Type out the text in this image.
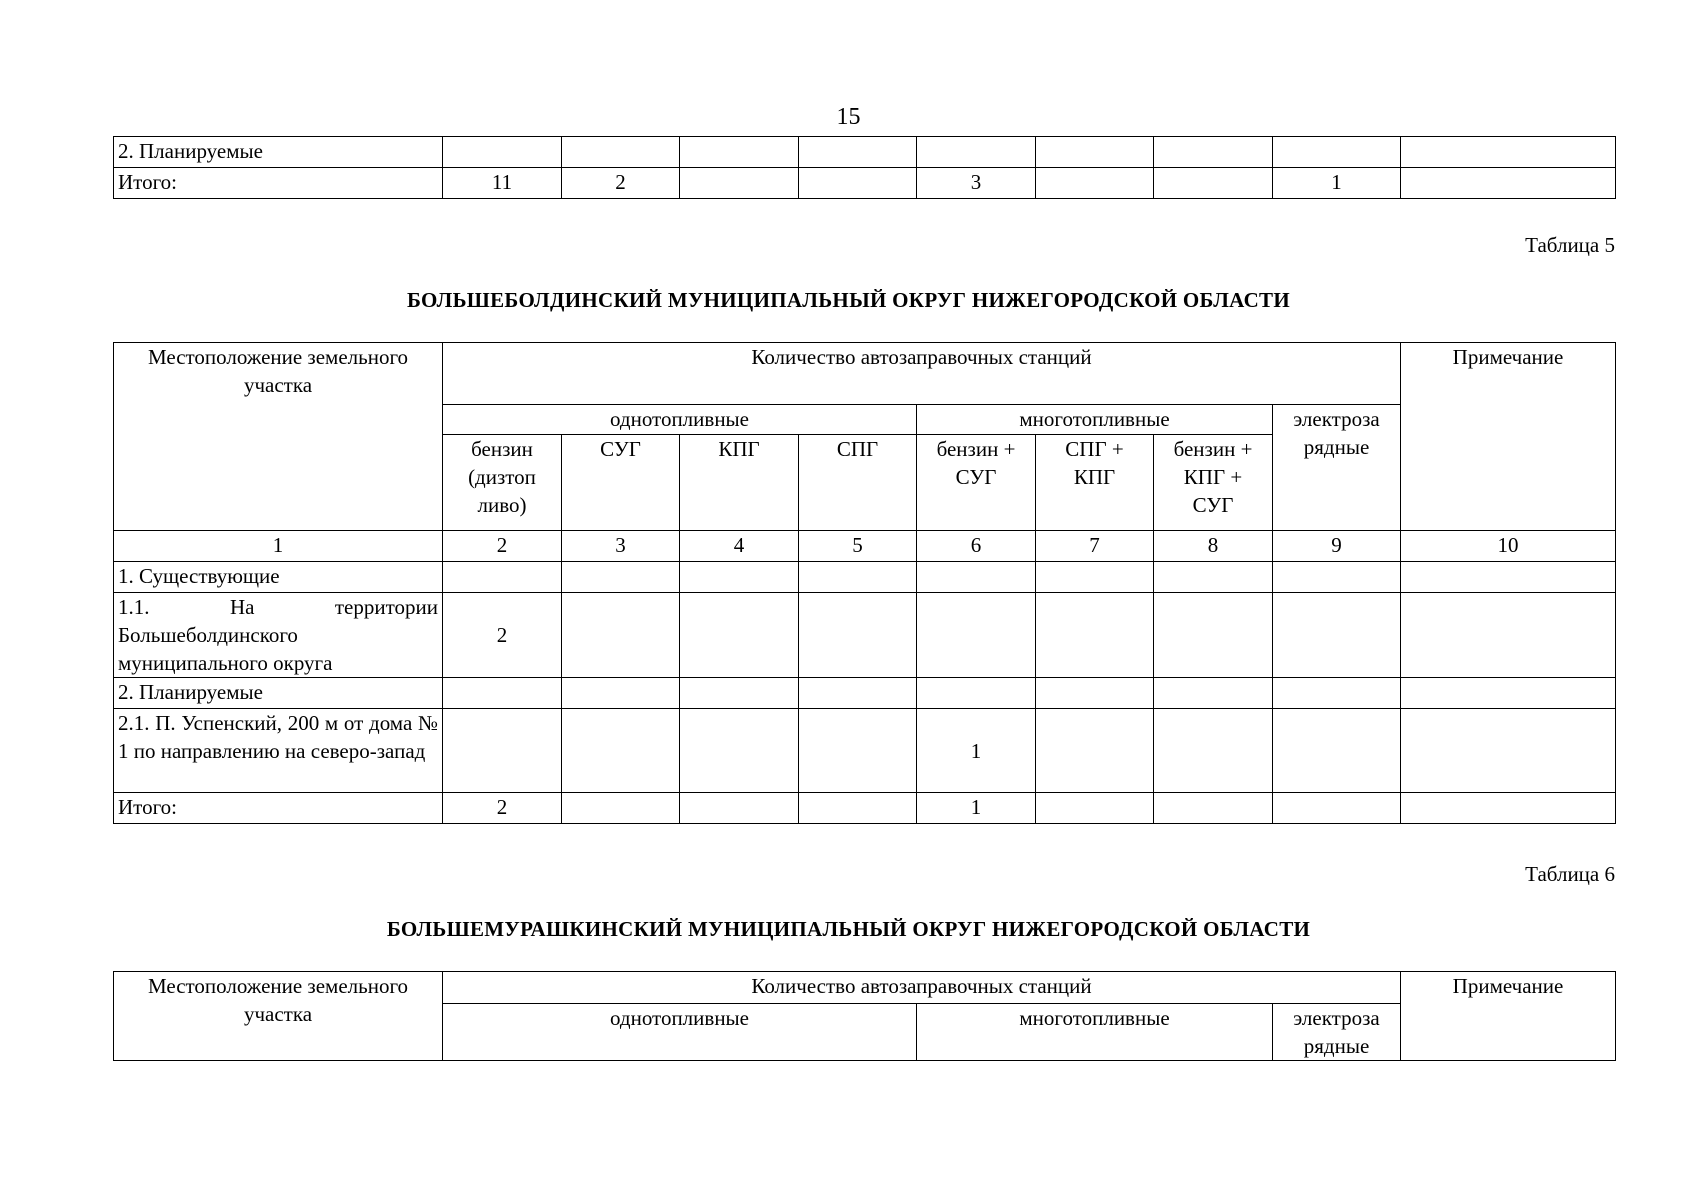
15
2. Планируемые									
Итого:	11	2			3			1	
Таблица 5
БОЛЬШЕБОЛДИНСКИЙ МУНИЦИПАЛЬНЫЙ ОКРУГ НИЖЕГОРОДСКОЙ ОБЛАСТИ
Местоположение земельного участка	Количество автозаправочных станций								Примечание
	однотопливные				многотопливные			электроза рядные	
	бензин (дизтоп ливо)	СУГ	КПГ	СПГ	бензин + СУГ	СПГ + КПГ	бензин + КПГ + СУГ		
1	2	3	4	5	6	7	8	9	10
1. Существующие									
1.1. На территории Большеболдинского муниципального округа	2								
2. Планируемые									
2.1. П. Успенский, 200 м от дома № 1 по направлению на северо-запад					1				
Итого:	2				1				
Таблица 6
БОЛЬШЕМУРАШКИНСКИЙ МУНИЦИПАЛЬНЫЙ ОКРУГ НИЖЕГОРОДСКОЙ ОБЛАСТИ
Местоположение земельного участка	Количество автозаправочных станций			Примечание
	однотопливные	многотопливные	электроза рядные	
